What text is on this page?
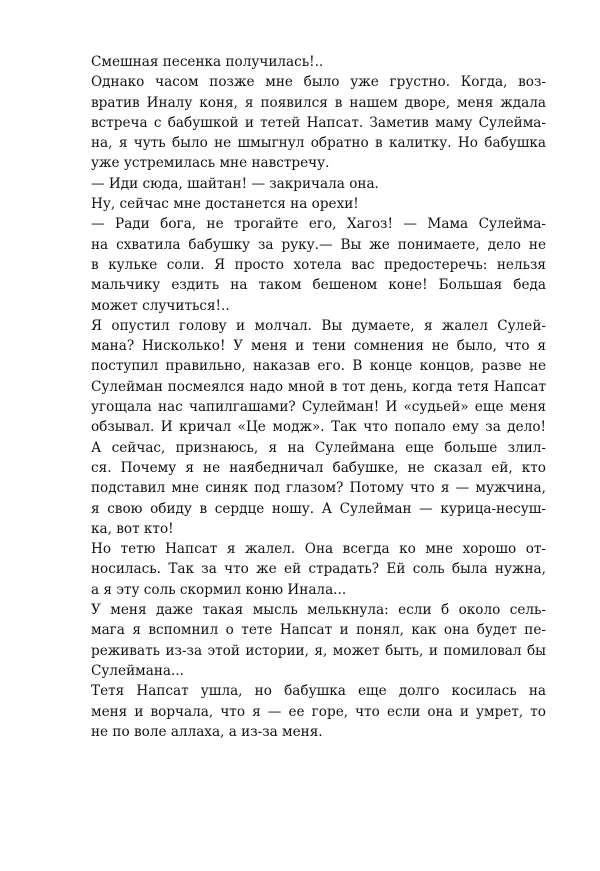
Смешная песенка получилась!..
Однако часом позже мне было уже грустно. Когда, воз-
вратив Иналу коня, я появился в нашем дворе, меня ждала
встреча с бабушкой и тетей Напсат. Заметив маму Сулейма-
на, я чуть было не шмыгнул обратно в калитку. Но бабушка
уже устремилась мне навстречу.
— Иди сюда, шайтан! — закричала она.
Ну, сейчас мне достанется на орехи!
— Ради бога, не трогайте его, Хагоз! — Мама Сулейма-
на схватила бабушку за руку.— Вы же понимаете, дело не
в кульке соли. Я просто хотела вас предостеречь: нельзя
мальчику ездить на таком бешеном коне! Большая беда
может случиться!..
Я опустил голову и молчал. Вы думаете, я жалел Сулей-
мана? Нисколько! У меня и тени сомнения не было, что я
поступил правильно, наказав его. В конце концов, разве не
Сулейман посмеялся надо мной в тот день, когда тетя Напсат
угощала нас чапилгашами? Сулейман! И «судьей» еще меня
обзывал. И кричал «Це модж». Так что попало ему за дело!
А сейчас, признаюсь, я на Сулеймана еще больше злил-
ся. Почему я не наябедничал бабушке, не сказал ей, кто
подставил мне синяк под глазом? Потому что я — мужчина,
я свою обиду в сердце ношу. А Сулейман — курица-несуш-
ка, вот кто!
Но тетю Напсат я жалел. Она всегда ко мне хорошо от-
носилась. Так за что же ей страдать? Ей соль была нужна,
а я эту соль скормил коню Инала...
У меня даже такая мысль мелькнула: если б около сель-
мага я вспомнил о тете Напсат и понял, как она будет пе-
реживать из-за этой истории, я, может быть, и помиловал бы
Сулеймана...
Тетя Напсат ушла, но бабушка еще долго косилась на
меня и ворчала, что я — ее горе, что если она и умрет, то
не по воле аллаха, а из-за меня.
